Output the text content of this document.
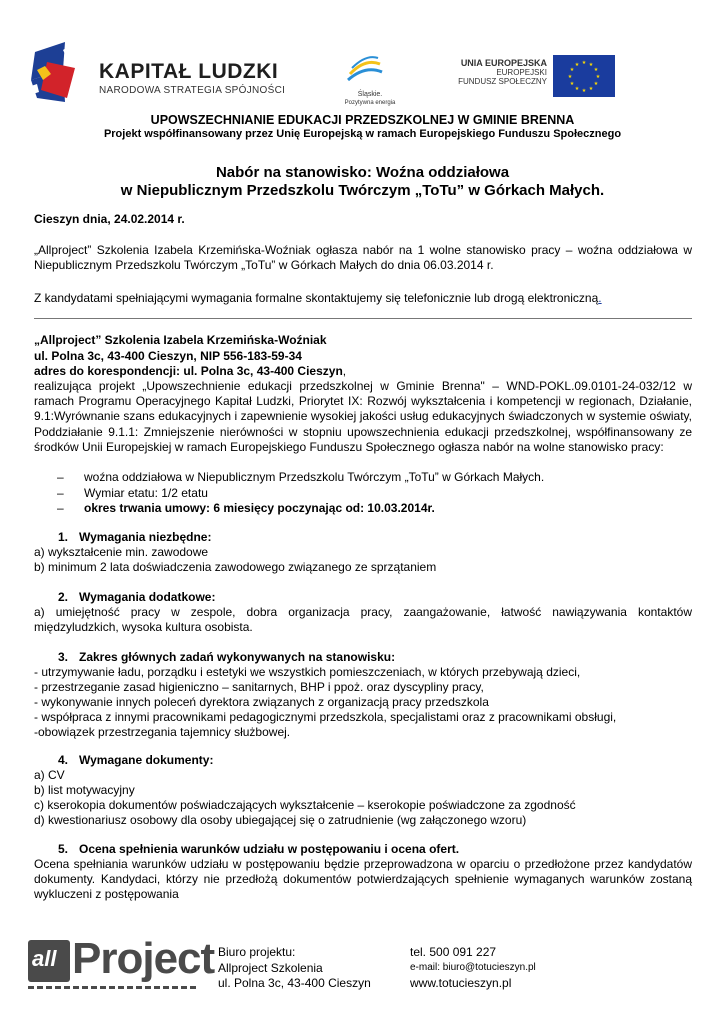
KAPITAŁ LUDZKI
NARODOWA STRATEGIA SPÓJNOŚCI	Śląskie.
Pozytywna energia
UNIA EUROPEJSKA
EUROPEJSKI
FUNDUSZ SPOŁECZNY
★ ★
★
★
★
★
★
★
★
★
★
★
UPOWSZECHNIANIE EDUKACJI PRZEDSZKOLNEJ W GMINIE BRENNA
Projekt współfinansowany przez Unię Europejską w ramach Europejskiego Funduszu Społecznego
Nabór na stanowisko: Woźna oddziałowa
w Niepublicznym Przedszkolu Twórczym „ToTu” w Górkach Małych.
Cieszyn dnia, 24.02.2014 r.
„Allproject” Szkolenia Izabela Krzemińska-Woźniak ogłasza nabór na 1 wolne stanowisko pracy – woźna oddziałowa w Niepublicznym Przedszkolu Twórczym „ToTu” w Górkach Małych do dnia 06.03.2014 r.
Z kandydatami spełniającymi wymagania formalne skontaktujemy się telefonicznie lub drogą elektroniczną.
„Allproject” Szkolenia Izabela Krzemińska-Woźniak
ul. Polna 3c, 43-400 Cieszyn, NIP 556-183-59-34
adres do korespondencji: ul. Polna 3c, 43-400 Cieszyn,
realizująca projekt „Upowszechnienie edukacji przedszkolnej w Gminie Brenna" – WND-POKL.09.0101-24-032/12 w ramach Programu Operacyjnego Kapitał Ludzki, Priorytet IX: Rozwój wykształcenia i kompetencji w regionach, Działanie, 9.1:Wyrównanie szans edukacyjnych i zapewnienie wysokiej jakości usług edukacyjnych świadczonych w systemie oświaty, Poddziałanie 9.1.1: Zmniejszenie nierówności w stopniu upowszechnienia edukacji przedszkolnej, współfinansowany ze środków Unii Europejskiej w ramach Europejskiego Funduszu Społecznego ogłasza nabór na wolne stanowisko pracy:
– woźna oddziałowa w Niepublicznym Przedszkolu Twórczym „ToTu” w Górkach Małych.
– Wymiar etatu: 1/2 etatu
– okres trwania umowy: 6 miesięcy poczynając od: 10.03.2014r.
1. Wymagania niezbędne:
a) wykształcenie min. zawodowe
b) minimum 2 lata doświadczenia zawodowego związanego ze sprzątaniem
2. Wymagania dodatkowe:
a) umiejętność pracy w zespole, dobra organizacja pracy, zaangażowanie, łatwość nawiązywania kontaktów międzyludzkich, wysoka kultura osobista.
3. Zakres głównych zadań wykonywanych na stanowisku:
- utrzymywanie ładu, porządku i estetyki we wszystkich pomieszczeniach, w których przebywają dzieci,
- przestrzeganie zasad higieniczno – sanitarnych, BHP i ppoż. oraz dyscypliny pracy,
- wykonywanie innych poleceń dyrektora związanych z organizacją pracy przedszkola
- współpraca z innymi pracownikami pedagogicznymi przedszkola, specjalistami oraz z pracownikami obsługi,
-obowiązek przestrzegania tajemnicy służbowej.
4. Wymagane dokumenty:
a) CV
b) list motywacyjny
c) kserokopia dokumentów poświadczających wykształcenie – kserokopie poświadczone za zgodność
d) kwestionariusz osobowy dla osoby ubiegającej się o zatrudnienie (wg załączonego wzoru)
5. Ocena spełnienia warunków udziału w postępowaniu i ocena ofert.
Ocena spełniania warunków udziału w postępowaniu będzie przeprowadzona w oparciu o przedłożone przez kandydatów dokumenty. Kandydaci, którzy nie przedłożą dokumentów potwierdzających spełnienie wymaganych warunków zostaną wykluczeni z postępowania
all Project Biuro projektu:
Allproject Szkolenia
ul. Polna 3c, 43-400 Cieszyn
tel. 500 091 227
e-mail: biuro@totucieszyn.pl
www.totucieszyn.pl
